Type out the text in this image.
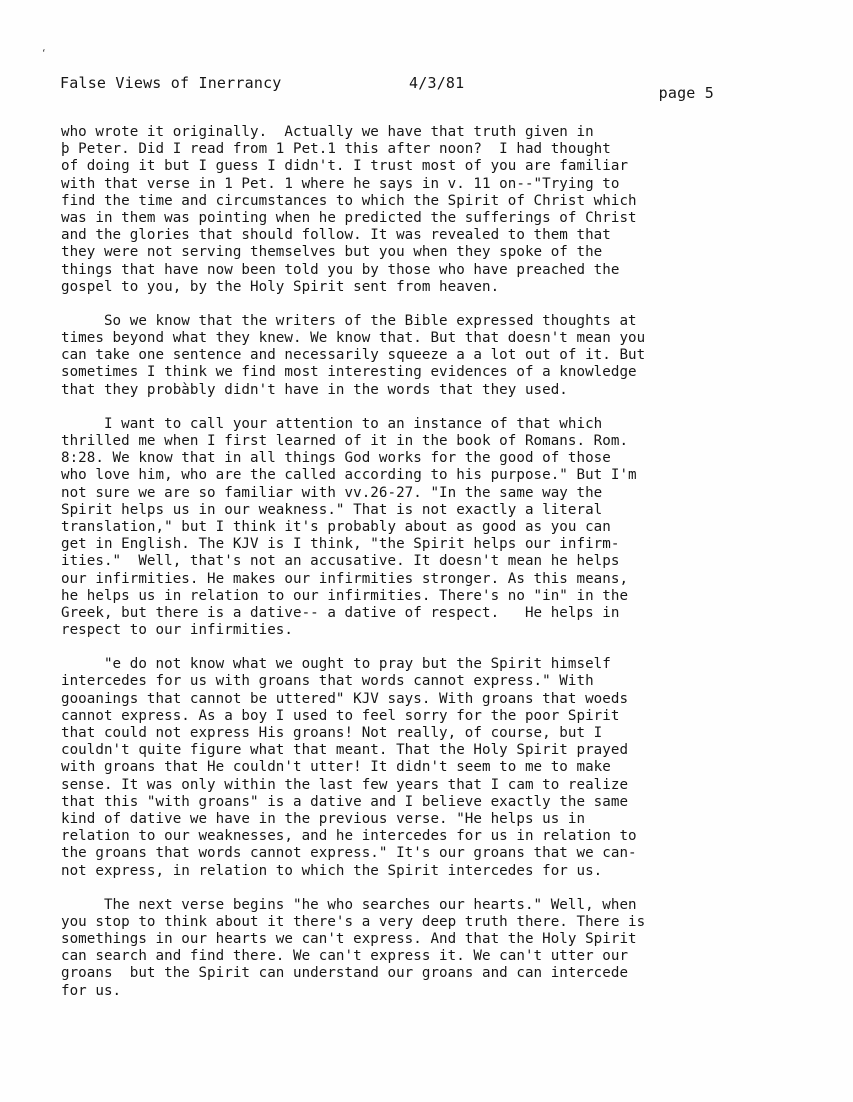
‘
False Views of Inerrancy	4/3/81
page 5
who wrote it originally.  Actually we have that truth given in
þ Peter. Did I read from 1 Pet.1 this after noon?  I had thought
of doing it but I guess I didn't. I trust most of you are familiar
with that verse in 1 Pet. 1 where he says in v. 11 on--"Trying to
find the time and circumstances to which the Spirit of Christ which
was in them was pointing when he predicted the sufferings of Christ
and the glories that should follow. It was revealed to them that
they were not serving themselves but you when they spoke of the
things that have now been told you by those who have preached the
gospel to you, by the Holy Spirit sent from heaven.
So we know that the writers of the Bible expressed thoughts at
times beyond what they knew. We know that. But that doesn't mean you
can take one sentence and necessarily squeeze a a lot out of it. But
sometimes I think we find most interesting evidences of a knowledge
that they probàbly didn't have in the words that they used.
I want to call your attention to an instance of that which
thrilled me when I first learned of it in the book of Romans. Rom.
8:28. We know that in all things God works for the good of those
who love him, who are the called according to his purpose." But I'm
not sure we are so familiar with vv.26-27. "In the same way the
Spirit helps us in our weakness." That is not exactly a literal
translation," but I think it's probably about as good as you can
get in English. The KJV is I think, "the Spirit helps our infirm-
ities."  Well, that's not an accusative. It doesn't mean he helps
our infirmities. He makes our infirmities stronger. As this means,
he helps us in relation to our infirmities. There's no "in" in the
Greek, but there is a dative-- a dative of respect.   He helps in
respect to our infirmities.
"e do not know what we ought to pray but the Spirit himself
intercedes for us with groans that words cannot express." With
gooanings that cannot be uttered" KJV says. With groans that woeds
cannot express. As a boy I used to feel sorry for the poor Spirit
that could not express His groans! Not really, of course, but I
couldn't quite figure what that meant. That the Holy Spirit prayed
with groans that He couldn't utter! It didn't seem to me to make
sense. It was only within the last few years that I cam to realize
that this "with groans" is a dative and I believe exactly the same
kind of dative we have in the previous verse. "He helps us in
relation to our weaknesses, and he intercedes for us in relation to
the groans that words cannot express." It's our groans that we can-
not express, in relation to which the Spirit intercedes for us.
The next verse begins "he who searches our hearts." Well, when
you stop to think about it there's a very deep truth there. There is
somethings in our hearts we can't express. And that the Holy Spirit
can search and find there. We can't express it. We can't utter our
groans  but the Spirit can understand our groans and can intercede
for us.
